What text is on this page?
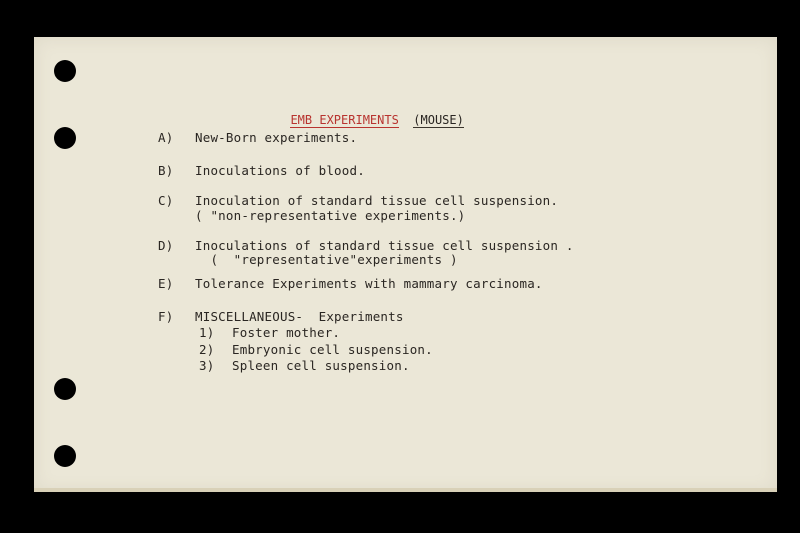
EMB EXPERIMENTS (MOUSE)

A) New-Born experiments.
B) Inoculations of blood.
C) Inoculation of standard tissue cell suspension.
( "non-representative experiments.)
D) Inoculations of standard tissue cell suspension .
(  "representative"experiments )
E) Tolerance Experiments with mammary carcinoma.
F) MISCELLANEOUS-  Experiments
1) Foster mother.
2) Embryonic cell suspension.
3) Spleen cell suspension.
